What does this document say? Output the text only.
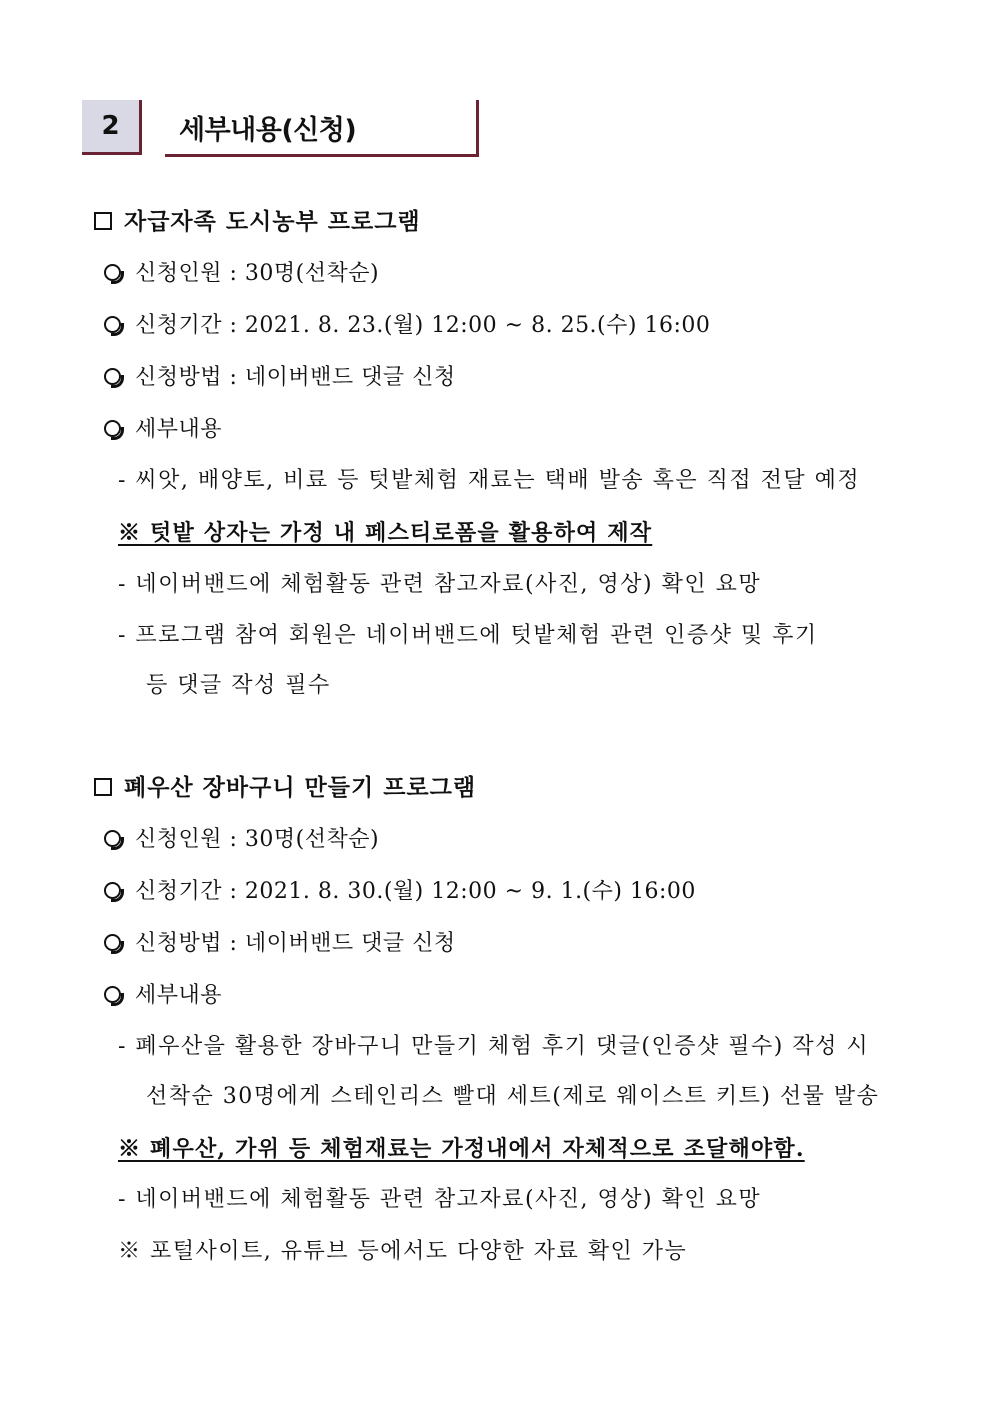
2	세부내용(신청)
자급자족 도시농부 프로그램
신청인원 : 30명(선착순)
신청기간 : 2021. 8. 23.(월) 12:00 ~ 8. 25.(수) 16:00
신청방법 : 네이버밴드 댓글 신청
세부내용
- 씨앗, 배양토, 비료 등 텃밭체험 재료는 택배 발송 혹은 직접 전달 예정
※ 텃밭 상자는 가정 내 페스티로폼을 활용하여 제작
- 네이버밴드에 체험활동 관련 참고자료(사진, 영상) 확인 요망
- 프로그램 참여 회원은 네이버밴드에 텃밭체험 관련 인증샷 및 후기
등 댓글 작성 필수
폐우산 장바구니 만들기 프로그램
신청인원 : 30명(선착순)
신청기간 : 2021. 8. 30.(월) 12:00 ~ 9. 1.(수) 16:00
신청방법 : 네이버밴드 댓글 신청
세부내용
- 폐우산을 활용한 장바구니 만들기 체험 후기 댓글(인증샷 필수) 작성 시
선착순 30명에게 스테인리스 빨대 세트(제로 웨이스트 키트) 선물 발송
※ 폐우산, 가위 등 체험재료는 가정내에서 자체적으로 조달해야함.
- 네이버밴드에 체험활동 관련 참고자료(사진, 영상) 확인 요망
※ 포털사이트, 유튜브 등에서도 다양한 자료 확인 가능
